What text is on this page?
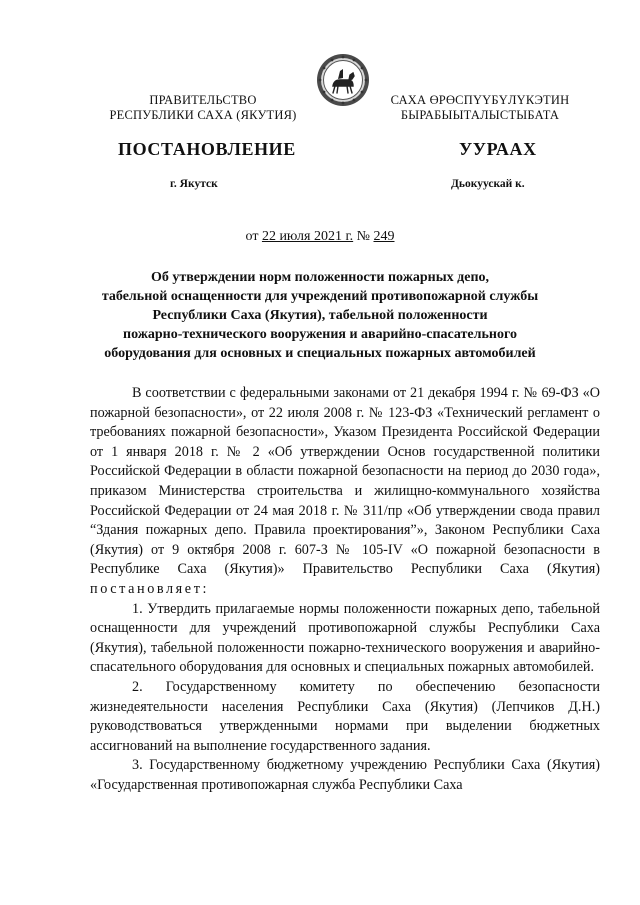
ПРАВИТЕЛЬСТВО
РЕСПУБЛИКИ САХА (ЯКУТИЯ)
САХА ӨРӨСПҮҮБҮЛҮКЭТИН
БЫРАБЫЫТАЛЫСТЫБАТА
ПОСТАНОВЛЕНИЕ	УУРААХ
г. Якутск	Дьокуускай к.
от 22 июля 2021 г. № 249
Об утверждении норм положенности пожарных депо,
табельной оснащенности для учреждений противопожарной службы
Республики Саха (Якутия), табельной положенности
пожарно-технического вооружения и аварийно-спасательного
оборудования для основных и специальных пожарных автомобилей

В соответствии с федеральными законами от 21 декабря 1994 г. № 69-ФЗ «О пожарной безопасности», от 22 июля 2008 г. № 123-ФЗ «Технический регламент о требованиях пожарной безопасности», Указом Президента Российской Федерации от 1 января 2018 г. № 2 «Об утверждении Основ государственной политики Российской Федерации в области пожарной безопасности на период до 2030 года», приказом Министерства строительства и жилищно-коммунального хозяйства Российской Федерации от 24 мая 2018 г. № 311/пр «Об утверждении свода правил “Здания пожарных депо. Правила проектирования”», Законом Республики Саха (Якутия) от 9 октября 2008 г. 607-З № 105-IV «О пожарной безопасности в Республике Саха (Якутия)» Правительство Республики Саха (Якутия) постановляет:

1. Утвердить прилагаемые нормы положенности пожарных депо, табельной оснащенности для учреждений противопожарной службы Республики Саха (Якутия), табельной положенности пожарно-технического вооружения и аварийно-спасательного оборудования для основных и специальных пожарных автомобилей.

2. Государственному комитету по обеспечению безопасности жизнедеятельности населения Республики Саха (Якутия) (Лепчиков Д.Н.) руководствоваться утвержденными нормами при выделении бюджетных ассигнований на выполнение государственного задания.

3. Государственному бюджетному учреждению Республики Саха (Якутия) «Государственная противопожарная служба Республики Саха
